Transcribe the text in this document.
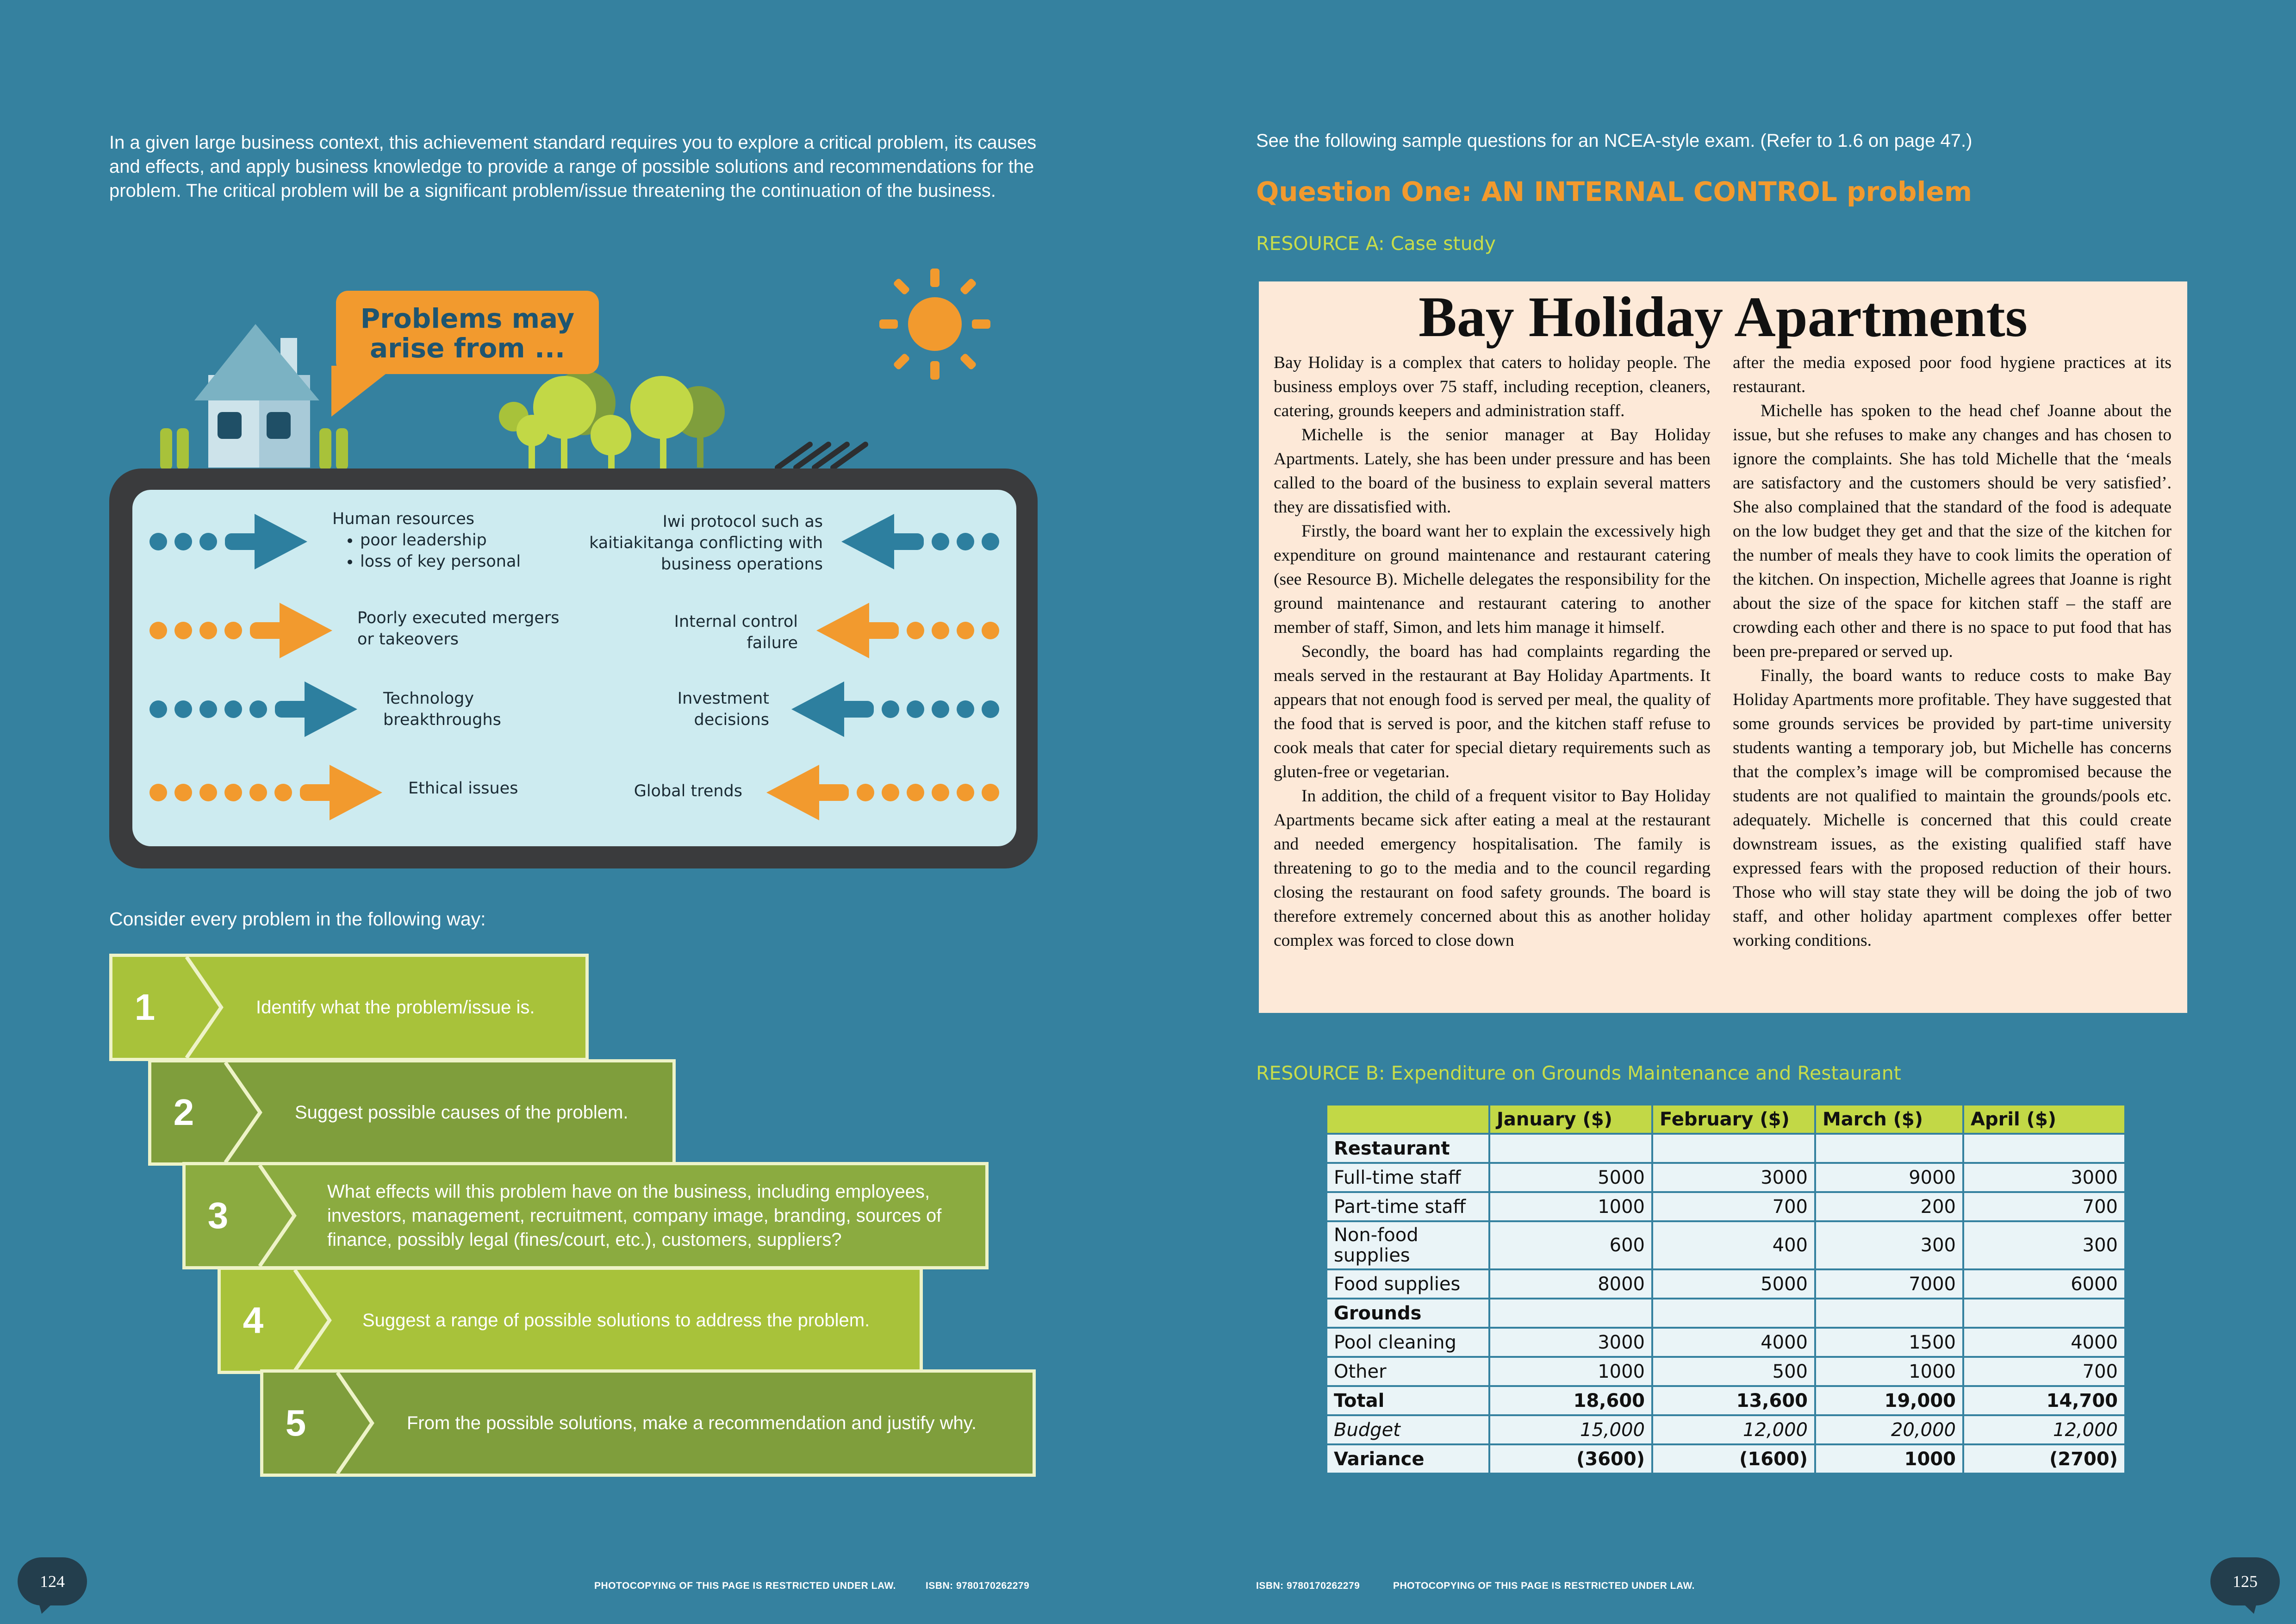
In a given large business context, this achievement standard requires you to explore a critical problem, its causes and effects, and apply business knowledge to provide a range of possible solutions and recommendations for the problem. The critical problem will be a significant problem/issue threatening the continuation of the business.
Problems may
arise from ...
Human resources
• poor leadership
• loss of key personal
Poorly executed mergers
or takeovers
Technology
breakthroughs
Ethical issues
Iwi protocol such as
kaitiakitanga conflicting with
business operations
Internal control
failure
Investment
decisions
Global trends
Consider every problem in the following way:
1	Identify what the problem/issue is.
2	Suggest possible causes of the problem.
3
What effects will this problem have on the business, including employees, investors, management, recruitment, company image, branding, sources of finance, possibly legal (fines/court, etc.), customers, suppliers?
4	Suggest a range of possible solutions to address the problem.
5	From the possible solutions, make a recommendation and justify why.
124	PHOTOCOPYING OF THIS PAGE IS RESTRICTED UNDER LAW.	ISBN: 9780170262279
See the following sample questions for an NCEA-style exam. (Refer to 1.6 on page 47.)
Question One: AN INTERNAL CONTROL problem
RESOURCE A: Case study
Bay Holiday Apartments

Bay Holiday is a complex that caters to holiday people. The business employs over 75 staff, including reception, cleaners, catering, grounds keepers and administration staff.

Michelle is the senior manager at Bay Holiday Apartments. Lately, she has been under pressure and has been called to the board of the business to explain several matters they are dissatisfied with.

Firstly, the board want her to explain the excessively high expenditure on ground maintenance and restaurant catering (see Resource B). Michelle delegates the responsibility for the ground maintenance and restaurant catering to another member of staff, Simon, and lets him manage it himself.

Secondly, the board has had complaints regarding the meals served in the restaurant at Bay Holiday Apartments. It appears that not enough food is served per meal, the quality of the food that is served is poor, and the kitchen staff refuse to cook meals that cater for special dietary requirements such as gluten-free or vegetarian.

In addition, the child of a frequent visitor to Bay Holiday Apartments became sick after eating a meal at the restaurant and needed emergency hospitalisation. The family is threatening to go to the media and to the council regarding closing the restaurant on food safety grounds. The board is therefore extremely concerned about this as another holiday complex was forced to close down

after the media exposed poor food hygiene practices at its restaurant.

Michelle has spoken to the head chef Joanne about the issue, but she refuses to make any changes and has chosen to ignore the complaints. She has told Michelle that the ‘meals are satisfactory and the customers should be very satisfied’. She also complained that the standard of the food is adequate on the low budget they get and that the size of the kitchen for the number of meals they have to cook limits the operation of the kitchen. On inspection, Michelle agrees that Joanne is right about the size of the space for kitchen staff – the staff are crowding each other and there is no space to put food that has been pre-prepared or served up.

Finally, the board wants to reduce costs to make Bay Holiday Apartments more profitable. They have suggested that some grounds services be provided by part-time university students wanting a temporary job, but Michelle has concerns that the complex’s image will be compromised because the students are not qualified to maintain the grounds/pools etc. adequately. Michelle is concerned that this could create downstream issues, as the existing qualified staff have expressed fears with the proposed reduction of their hours. Those who will stay state they will be doing the job of two staff, and other holiday apartment complexes offer better working conditions.

RESOURCE B: Expenditure on Grounds Maintenance and Restaurant
	January ($)	February ($)	March ($)	April ($)
Restaurant				
Full-time staff	5000	3000	9000	3000
Part-time staff	1000	700	200	700
Non-food supplies	600	400	300	300
Food supplies	8000	5000	7000	6000
Grounds				
Pool cleaning	3000	4000	1500	4000
Other	1000	500	1000	700
Total	18,600	13,600	19,000	14,700
Budget	15,000	12,000	20,000	12,000
Variance	(3600)	(1600)	1000	(2700)
ISBN: 9780170262279	PHOTOCOPYING OF THIS PAGE IS RESTRICTED UNDER LAW.	125
